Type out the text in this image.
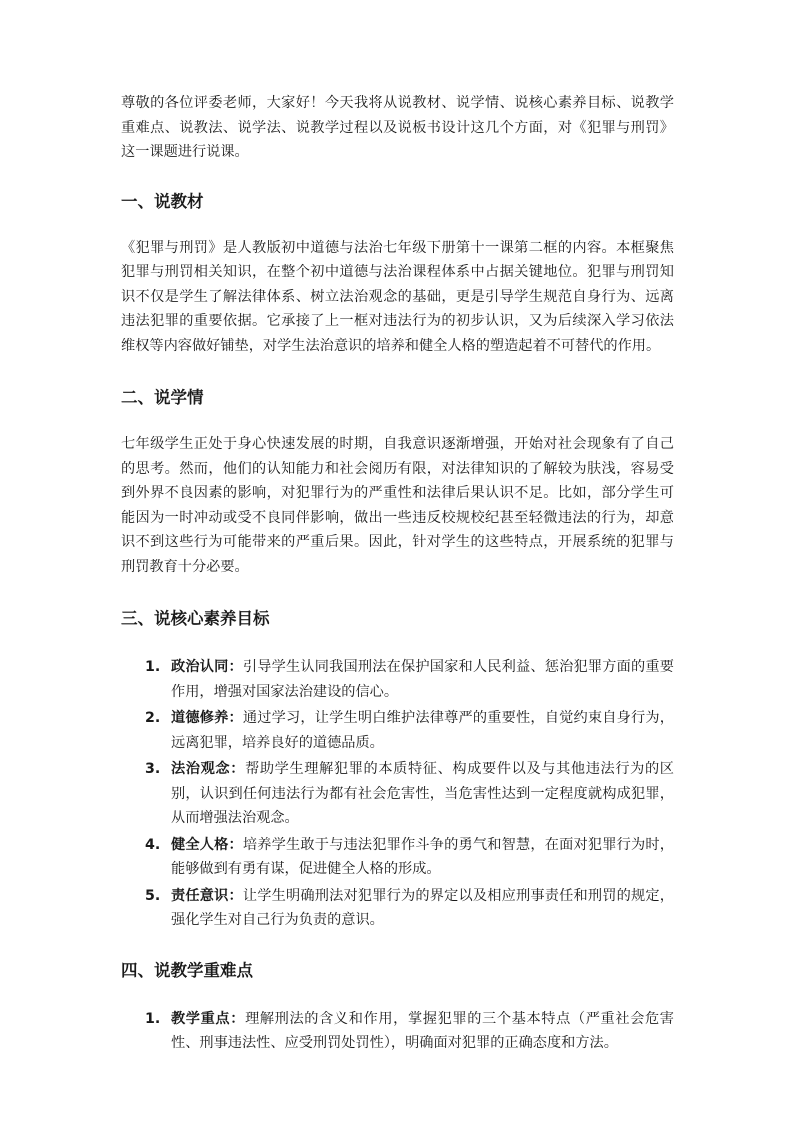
尊敬的各位评委老师，大家好！今天我将从说教材、说学情、说核心素养目标、说教学重难点、说教法、说学法、说教学过程以及说板书设计这几个方面，对《犯罪与刑罚》这一课题进行说课。

一、说教材

《犯罪与刑罚》是人教版初中道德与法治七年级下册第十一课第二框的内容。本框聚焦犯罪与刑罚相关知识，在整个初中道德与法治课程体系中占据关键地位。犯罪与刑罚知识不仅是学生了解法律体系、树立法治观念的基础，更是引导学生规范自身行为、远离违法犯罪的重要依据。它承接了上一框对违法行为的初步认识，又为后续深入学习依法维权等内容做好铺垫，对学生法治意识的培养和健全人格的塑造起着不可替代的作用。

二、说学情

七年级学生正处于身心快速发展的时期，自我意识逐渐增强，开始对社会现象有了自己的思考。然而，他们的认知能力和社会阅历有限，对法律知识的了解较为肤浅，容易受到外界不良因素的影响，对犯罪行为的严重性和法律后果认识不足。比如，部分学生可能因为一时冲动或受不良同伴影响，做出一些违反校规校纪甚至轻微违法的行为，却意识不到这些行为可能带来的严重后果。因此，针对学生的这些特点，开展系统的犯罪与刑罚教育十分必要。

三、说核心素养目标
1. 政治认同：引导学生认同我国刑法在保护国家和人民利益、惩治犯罪方面的重要作用，增强对国家法治建设的信心。
2. 道德修养：通过学习，让学生明白维护法律尊严的重要性，自觉约束自身行为，远离犯罪，培养良好的道德品质。
3. 法治观念：帮助学生理解犯罪的本质特征、构成要件以及与其他违法行为的区别，认识到任何违法行为都有社会危害性，当危害性达到一定程度就构成犯罪，从而增强法治观念。
4. 健全人格：培养学生敢于与违法犯罪作斗争的勇气和智慧，在面对犯罪行为时，能够做到有勇有谋，促进健全人格的形成。
5. 责任意识：让学生明确刑法对犯罪行为的界定以及相应刑事责任和刑罚的规定，强化学生对自己行为负责的意识。
四、说教学重难点
1. 教学重点：理解刑法的含义和作用，掌握犯罪的三个基本特点（严重社会危害性、刑事违法性、应受刑罚处罚性），明确面对犯罪的正确态度和方法。
